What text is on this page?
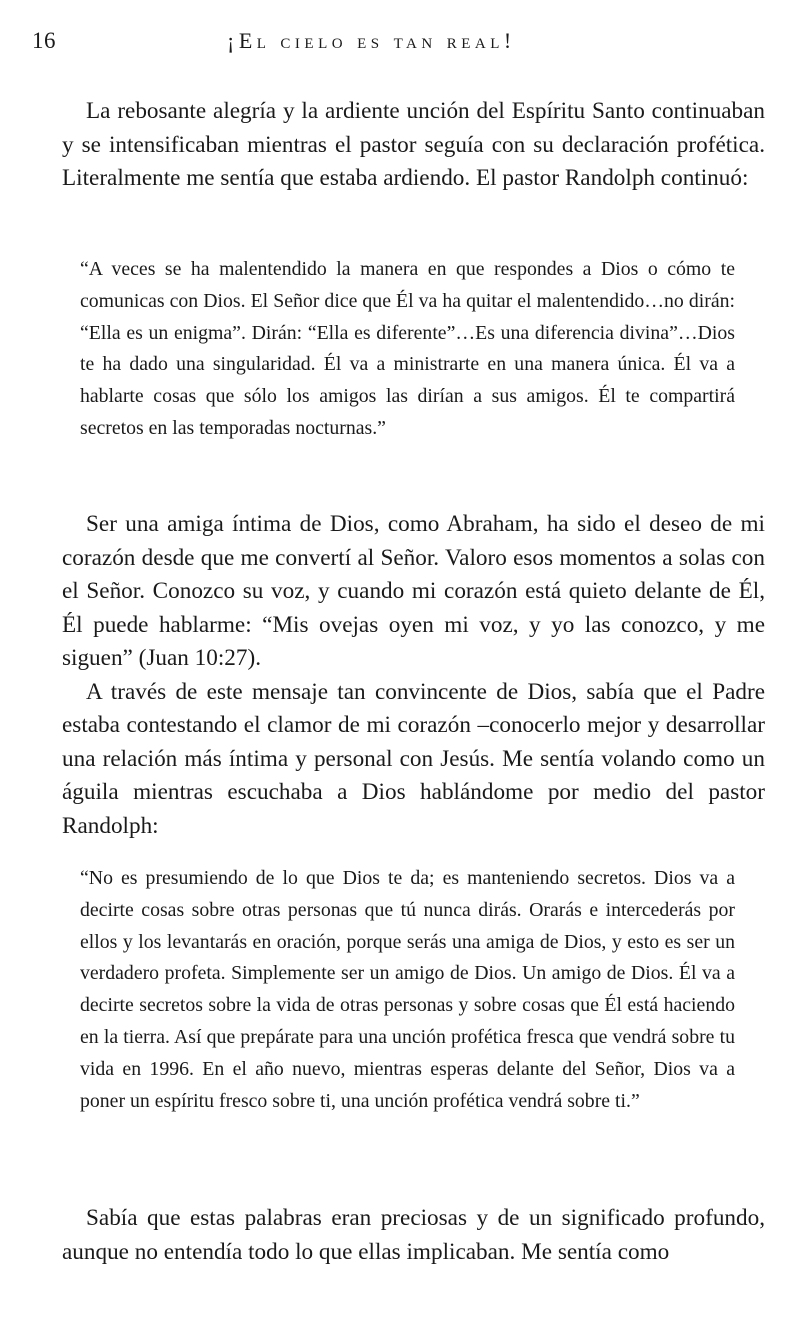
16	¡El cielo es tan real!

La rebosante alegría y la ardiente unción del Espíritu Santo continuaban y se intensificaban mientras el pastor seguía con su declaración profética. Literalmente me sentía que estaba ardiendo. El pastor Randolph continuó:

“A veces se ha malentendido la manera en que respondes a Dios o cómo te comunicas con Dios. El Señor dice que Él va ha quitar el malentendido…no dirán: “Ella es un enigma”. Dirán: “Ella es diferente”…Es una diferencia divina”…Dios te ha dado una singularidad. Él va a ministrarte en una manera única. Él va a hablarte cosas que sólo los amigos las dirían a sus amigos. Él te compartirá secretos en las temporadas nocturnas.”

Ser una amiga íntima de Dios, como Abraham, ha sido el deseo de mi corazón desde que me convertí al Señor. Valoro esos momentos a solas con el Señor. Conozco su voz, y cuando mi corazón está quieto delante de Él, Él puede hablarme: “Mis ovejas oyen mi voz, y yo las conozco, y me siguen” (Juan 10:27).

A través de este mensaje tan convincente de Dios, sabía que el Padre estaba contestando el clamor de mi corazón –conocerlo mejor y desarrollar una relación más íntima y personal con Jesús. Me sentía volando como un águila mientras escuchaba a Dios hablándome por medio del pastor Randolph:

“No es presumiendo de lo que Dios te da; es manteniendo secretos. Dios va a decirte cosas sobre otras personas que tú nunca dirás. Orarás e intercederás por ellos y los levantarás en oración, porque serás una amiga de Dios, y esto es ser un verdadero profeta. Simplemente ser un amigo de Dios. Un amigo de Dios. Él va a decirte secretos sobre la vida de otras personas y sobre cosas que Él está haciendo en la tierra. Así que prepárate para una unción profética fresca que vendrá sobre tu vida en 1996. En el año nuevo, mientras esperas delante del Señor, Dios va a poner un espíritu fresco sobre ti, una unción profética vendrá sobre ti.”

Sabía que estas palabras eran preciosas y de un significado profundo, aunque no entendía todo lo que ellas implicaban. Me sentía como
